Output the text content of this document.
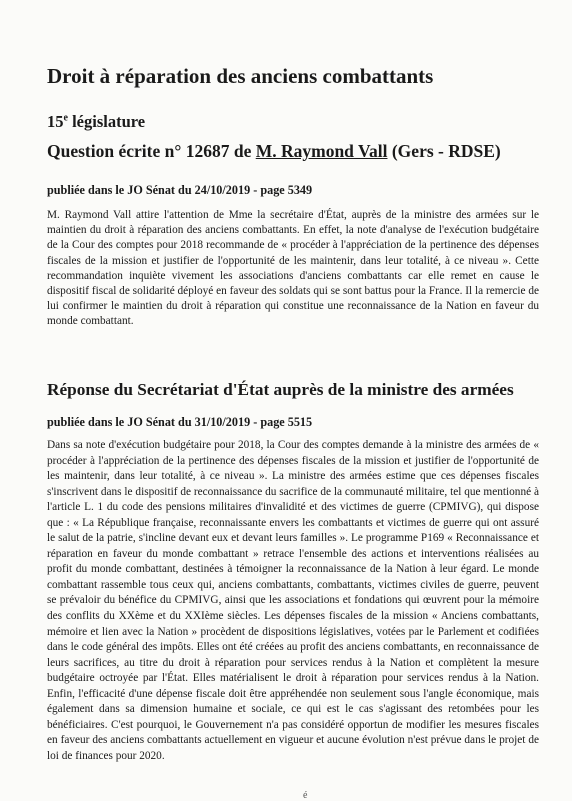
Droit à réparation des anciens combattants

15e législature

Question écrite n° 12687 de M. Raymond Vall (Gers - RDSE)

publiée dans le JO Sénat du 24/10/2019 - page 5349

M. Raymond Vall attire l'attention de Mme la secrétaire d'État, auprès de la ministre des armées sur le maintien du droit à réparation des anciens combattants. En effet, la note d'analyse de l'exécution budgétaire de la Cour des comptes pour 2018 recommande de « procéder à l'appréciation de la pertinence des dépenses fiscales de la mission et justifier de l'opportunité de les maintenir, dans leur totalité, à ce niveau ». Cette recommandation inquiète vivement les associations d'anciens combattants car elle remet en cause le dispositif fiscal de solidarité déployé en faveur des soldats qui se sont battus pour la France. Il la remercie de lui confirmer le maintien du droit à réparation qui constitue une reconnaissance de la Nation en faveur du monde combattant.

Réponse du Secrétariat d'État auprès de la ministre des armées

publiée dans le JO Sénat du 31/10/2019 - page 5515

Dans sa note d'exécution budgétaire pour 2018, la Cour des comptes demande à la ministre des armées de « procéder à l'appréciation de la pertinence des dépenses fiscales de la mission et justifier de l'opportunité de les maintenir, dans leur totalité, à ce niveau ». La ministre des armées estime que ces dépenses fiscales s'inscrivent dans le dispositif de reconnaissance du sacrifice de la communauté militaire, tel que mentionné à l'article L. 1 du code des pensions militaires d'invalidité et des victimes de guerre (CPMIVG), qui dispose que : « La République française, reconnaissante envers les combattants et victimes de guerre qui ont assuré le salut de la patrie, s'incline devant eux et devant leurs familles ». Le programme P169 « Reconnaissance et réparation en faveur du monde combattant » retrace l'ensemble des actions et interventions réalisées au profit du monde combattant, destinées à témoigner la reconnaissance de la Nation à leur égard. Le monde combattant rassemble tous ceux qui, anciens combattants, combattants, victimes civiles de guerre, peuvent se prévaloir du bénéfice du CPMIVG, ainsi que les associations et fondations qui œuvrent pour la mémoire des conflits du XXème et du XXIème siècles. Les dépenses fiscales de la mission « Anciens combattants, mémoire et lien avec la Nation » procèdent de dispositions législatives, votées par le Parlement et codifiées dans le code général des impôts. Elles ont été créées au profit des anciens combattants, en reconnaissance de leurs sacrifices, au titre du droit à réparation pour services rendus à la Nation et complètent la mesure budgétaire octroyée par l'État. Elles matérialisent le droit à réparation pour services rendus à la Nation. Enfin, l'efficacité d'une dépense fiscale doit être appréhendée non seulement sous l'angle économique, mais également dans sa dimension humaine et sociale, ce qui est le cas s'agissant des retombées pour les bénéficiaires. C'est pourquoi, le Gouvernement n'a pas considéré opportun de modifier les mesures fiscales en faveur des anciens combattants actuellement en vigueur et aucune évolution n'est prévue dans le projet de loi de finances pour 2020.

é
